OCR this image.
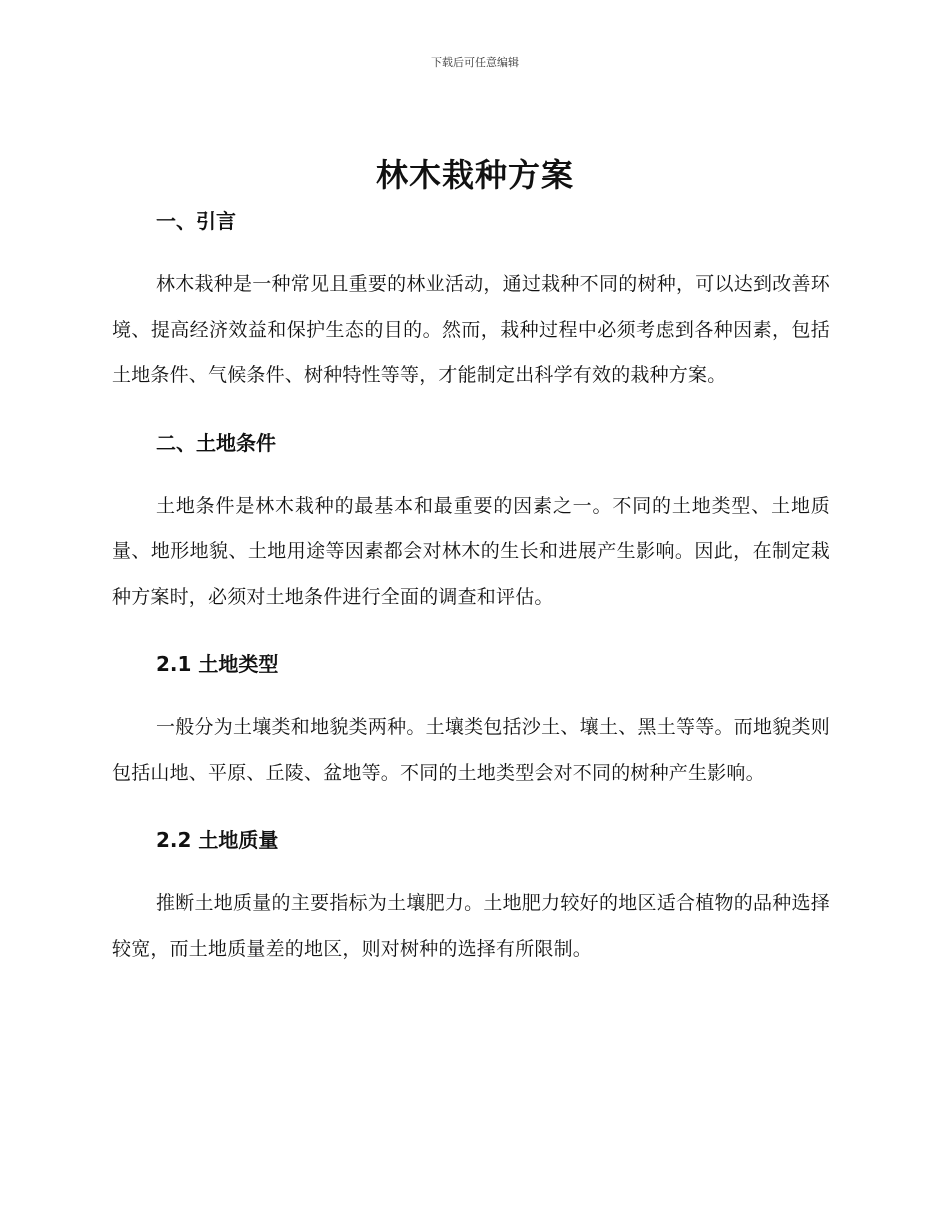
下载后可任意编辑
林木栽种方案
一、引言

林木栽种是一种常见且重要的林业活动，通过栽种不同的树种，可以达到改善环境、提高经济效益和保护生态的目的。然而，栽种过程中必须考虑到各种因素，包括土地条件、气候条件、树种特性等等，才能制定出科学有效的栽种方案。

二、土地条件

土地条件是林木栽种的最基本和最重要的因素之一。不同的土地类型、土地质量、地形地貌、土地用途等因素都会对林木的生长和进展产生影响。因此，在制定栽种方案时，必须对土地条件进行全面的调查和评估。

2.1 土地类型

一般分为土壤类和地貌类两种。土壤类包括沙土、壤土、黑土等等。而地貌类则包括山地、平原、丘陵、盆地等。不同的土地类型会对不同的树种产生影响。

2.2 土地质量

推断土地质量的主要指标为土壤肥力。土地肥力较好的地区适合植物的品种选择较宽，而土地质量差的地区，则对树种的选择有所限制。
